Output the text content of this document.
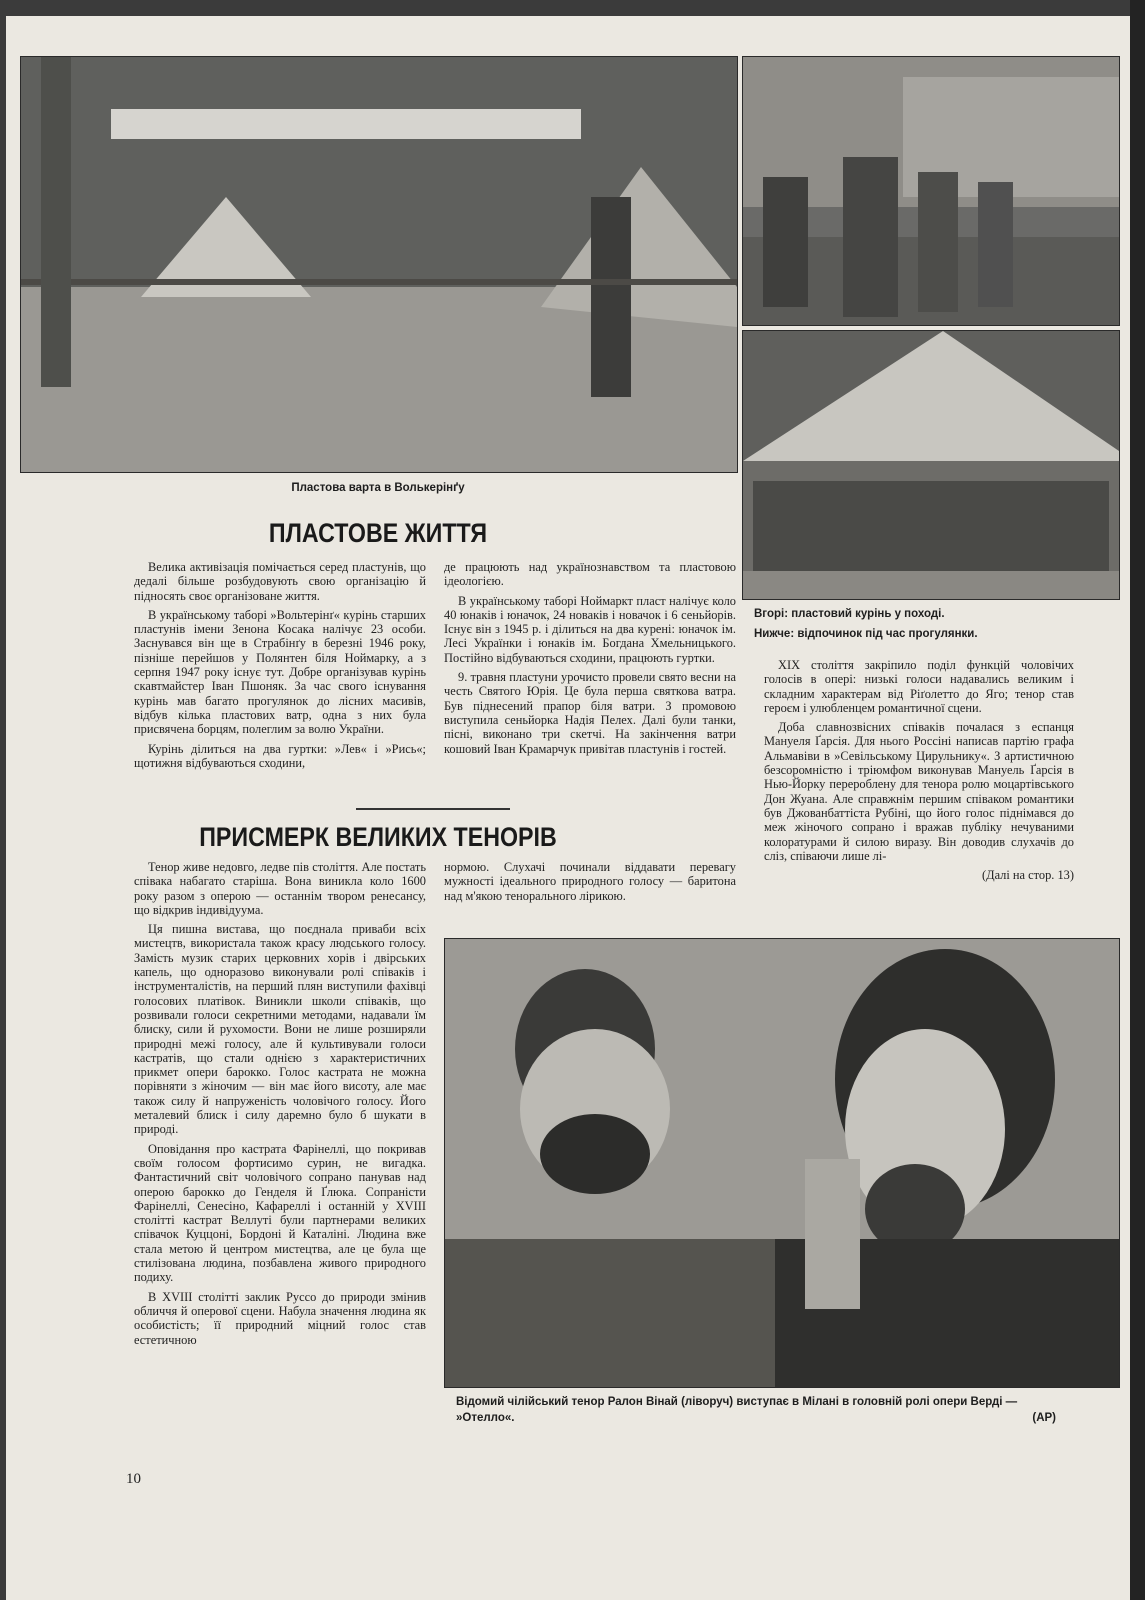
Пластова варта в Волькерінґу
Вгорі: пластовий курінь у поході.
Нижче: відпочинок під час прогулянки.
ПЛАСТОВЕ ЖИТТЯ

Велика активізація помічається серед пластунів, що дедалі більше розбудовують свою організацію й підносять своє організоване життя.

В українському таборі »Вольтерінґ« курінь старших пластунів імени Зенона Косака налічує 23 особи. Заснувався він ще в Страбінґу в березні 1946 року, пізніше перейшов у Полянтен біля Ноймарку, а з серпня 1947 року існує тут. Добре організував курінь скавтмайстер Іван Пшоняк. За час свого існування курінь мав багато прогулянок до лісних масивів, відбув кілька пластових ватр, одна з них була присвячена борцям, полеглим за волю України.

Курінь ділиться на два гуртки: »Лев« і »Рись«; щотижня відбуваються сходини,

де працюють над українознавством та пластовою ідеологією.

В українському таборі Ноймаркт пласт налічує коло 40 юнаків і юначок, 24 новаків і новачок і 6 сеньйорів. Існує він з 1945 р. і ділиться на два курені: юначок ім. Лесі Українки і юнаків ім. Богдана Хмельницького. Постійно відбуваються сходини, працюють гуртки.

9. травня пластуни урочисто провели свято весни на честь Святого Юрія. Це була перша святкова ватра. Був піднесений прапор біля ватри. З промовою виступила сеньйорка Надія Пелех. Далі були танки, пісні, виконано три скетчі. На закінчення ватри кошовий Іван Крамарчук привітав пластунів і гостей.

ПРИСМЕРК ВЕЛИКИХ ТЕНОРІВ

Тенор живе недовго, ледве пів століття. Але постать співака набагато старіша. Вона виникла коло 1600 року разом з оперою — останнім твором ренесансу, що відкрив індивідуума.

Ця пишна вистава, що поєднала приваби всіх мистецтв, використала також красу людського голосу. Замість музик старих церковних хорів і двірських капель, що одноразово виконували ролі співаків і інструменталістів, на перший плян виступили фахівці голосових платівок. Виникли школи співаків, що розвивали голоси секретними методами, надавали їм блиску, сили й рухомости. Вони не лише розширяли природні межі голосу, але й культивували голоси кастратів, що стали однією з характеристичних прикмет опери барокко. Голос кастрата не можна порівняти з жіночим — він має його висоту, але має також силу й напруженість чоловічого голосу. Його металевий блиск і силу даремно було б шукати в природі.

Оповідання про кастрата Фарінеллі, що покривав своїм голосом фортисимо сурин, не вигадка. Фантастичний світ чоловічого сопрано панував над оперою барокко до Генделя й Ґлюка. Сопраністи Фарінеллі, Сенесіно, Кафареллі і останній у XVIII столітті кастрат Веллуті були партнерами великих співачок Куццоні, Бордоні й Каталіні. Людина вже стала метою й центром мистецтва, але це була ще стилізована людина, позбавлена живого природного подиху.

В XVIII столітті заклик Руссо до природи змінив обличчя й оперової сцени. Набула значення людина як особистість; її природний міцний голос став естетичною

нормою. Слухачі починали віддавати перевагу мужності ідеального природного голосу — баритона над м'якою тенорального лірикою.

XIX століття закріпило поділ функцій чоловічих голосів в опері: низькі голоси надавались великим і складним характерам від Ріґолетто до Яго; тенор став героєм і улюбленцем романтичної сцени.

Доба славнозвісних співаків почалася з еспанця Мануеля Ґарсія. Для нього Россіні написав партію графа Альмавіви в »Севільському Цирульнику«. З артистичною безсоромністю і тріюмфом виконував Мануель Ґарсія в Нью-Йорку перероблену для тенора ролю моцартівського Дон Жуана. Але справжнім першим співаком романтики був Джованбаттіста Рубіні, що його голос піднімався до меж жіночого сопрано і вражав публіку нечуваними колоратурами й силою виразу. Він доводив слухачів до сліз, співаючи лише лі-

(Далі на стор. 13)
Відомий чілійський тенор Ралон Вінай (ліворуч) виступає в Мілані в головній ролі опери Верді — »Отелло«.	(АР)
10
